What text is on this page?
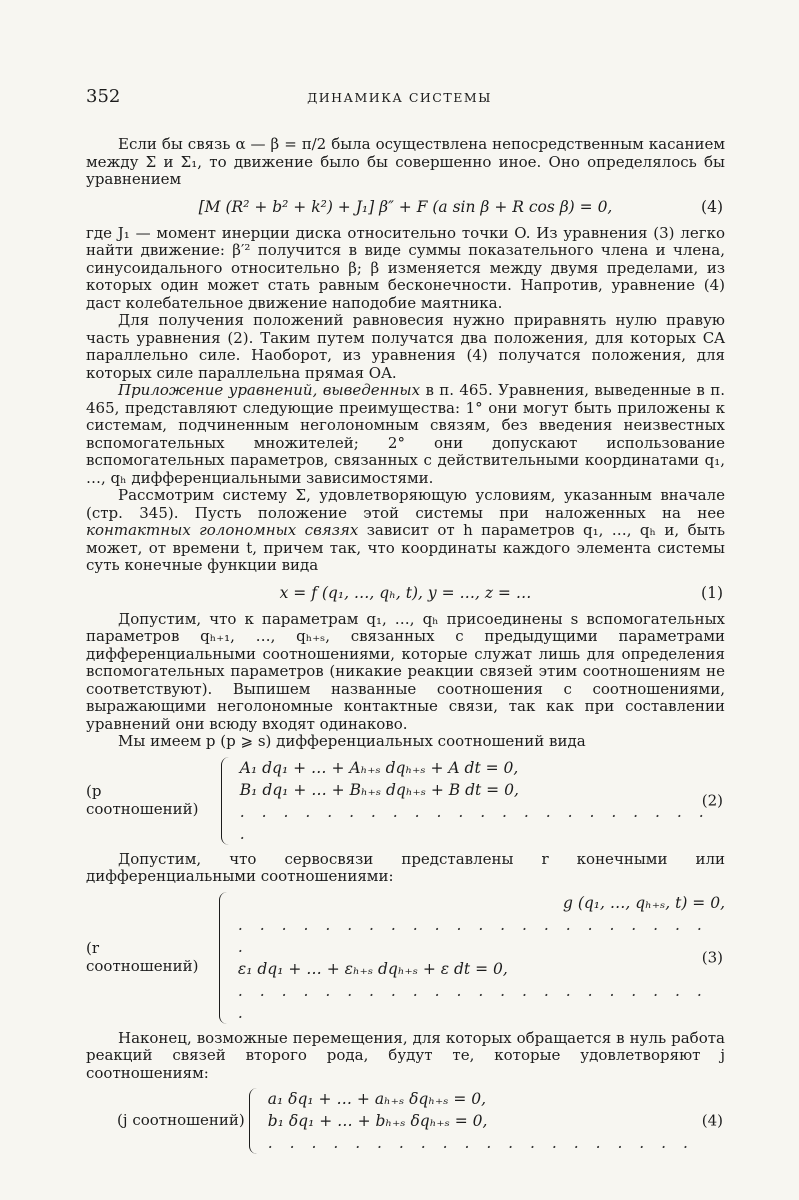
352	ДИНАМИКА СИСТЕМЫ

Если бы связь α — β = π/2 была осуществлена непосредственным касанием между Σ и Σ₁, то движение было бы совершенно иное. Оно определялось бы уравнением

[M (R² + b² + k²) + J₁] β″ + F (a sin β + R cos β) = 0,	(4)

где J₁ — момент инерции диска относительно точки O. Из уравнения (3) легко найти движение: β′² получится в виде суммы показательного члена и члена, синусоидального относительно β; β изменяется между двумя пределами, из которых один может стать равным бесконечности. Напротив, уравнение (4) даст колебательное движение наподобие маятника.

Для получения положений равновесия нужно приравнять нулю правую часть уравнения (2). Таким путем получатся два положения, для которых CA параллельно силе. Наоборот, из уравнения (4) получатся положения, для которых силе параллельна прямая OA.

Приложение уравнений, выведенных в п. 465. Уравнения, выведенные в п. 465, представляют следующие преимущества: 1° они могут быть приложены к системам, подчиненным неголономным связям, без введения неизвестных вспомогательных множителей; 2° они допускают использование вспомогательных параметров, связанных с действительными координатами q₁, …, qₕ дифференциальными зависимостями.

Рассмотрим систему Σ, удовлетворяющую условиям, указанным вначале (стр. 345). Пусть положение этой системы при наложенных на нее контактных голономных связях зависит от h параметров q₁, …, qₕ и, быть может, от времени t, причем так, что координаты каждого элемента системы суть конечные функции вида

x = f (q₁, …, qₕ, t), y = …, z = …	(1)

Допустим, что к параметрам q₁, …, qₕ присоединены s вспомогательных параметров qₕ₊₁, …, qₕ₊ₛ, связанных с предыдущими параметрами дифференциальными соотношениями, которые служат лишь для определения вспомогательных параметров (никакие реакции связей этим соотношениям не соответствуют). Выпишем названные соотношения с соотношениями, выражающими неголономные контактные связи, так как при составлении уравнений они всюду входят одинаково.

Мы имеем p (p ⩾ s) дифференциальных соотношений вида

(p соотношений)
A₁ dq₁ + … + Aₕ₊ₛ dqₕ₊ₛ + A dt = 0,
B₁ dq₁ + … + Bₕ₊ₛ dqₕ₊ₛ + B dt = 0,
. . . . . . . . . . . . . . . . . . . . . . .
(2)

Допустим, что сервосвязи представлены r конечными или дифференциальными соотношениями:

(r соотношений)
g (q₁, …, qₕ₊ₛ, t) = 0,
. . . . . . . . . . . . . . . . . . . . . . .
ε₁ dq₁ + … + εₕ₊ₛ dqₕ₊ₛ + ε dt = 0,
. . . . . . . . . . . . . . . . . . . . . . .
(3)

Наконец, возможные перемещения, для которых обращается в нуль работа реакций связей второго рода, будут те, которые удовлетворяют j соотношениям:

(j соотношений)
a₁ δq₁ + … + aₕ₊ₛ δqₕ₊ₛ = 0,
b₁ δq₁ + … + bₕ₊ₛ δqₕ₊ₛ = 0,
. . . . . . . . . . . . . . . . . . . .
(4)
